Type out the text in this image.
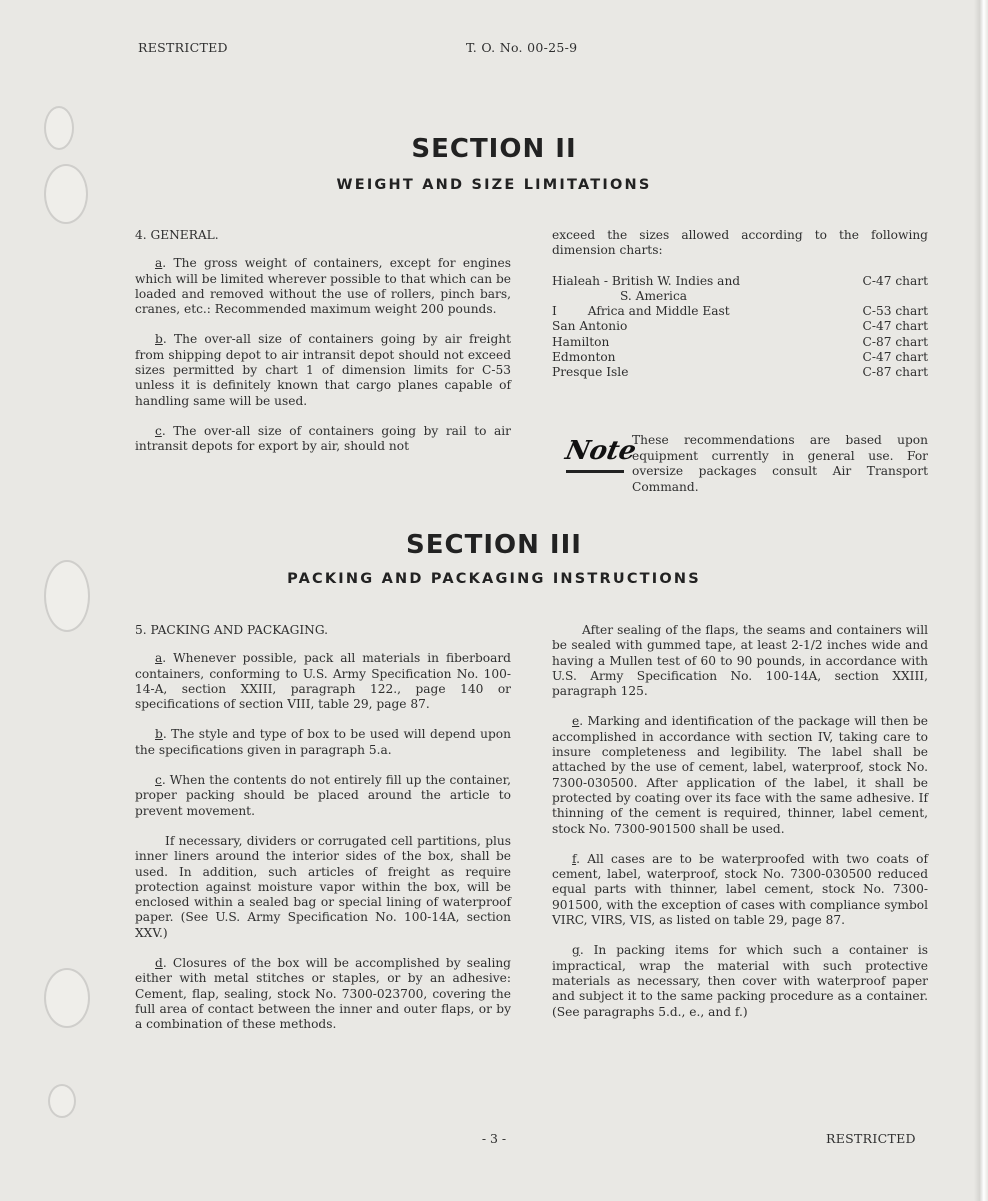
RESTRICTED	T. O. No. 00-25-9
SECTION II
WEIGHT AND SIZE LIMITATIONS

4. GENERAL.

a. The gross weight of containers, except for engines which will be limited wherever possible to that which can be loaded and removed without the use of rollers, pinch bars, cranes, etc.: Recommended maximum weight 200 pounds.

b. The over-all size of containers going by air freight from shipping depot to air intransit depot should not exceed sizes permitted by chart 1 of dimension limits for C-53 unless it is definitely known that cargo planes capable of handling same will be used.

c. The over-all size of containers going by rail to air intransit depots for export by air, should not

exceed the sizes allowed according to the following dimension charts:

Hialeah - British W. Indies and	C-47 chart
S. America	
I        Africa and Middle East	C-53 chart
San Antonio	C-47 chart
Hamilton	C-87 chart
Edmonton	C-47 chart
Presque Isle	C-87 chart
Note
These recommendations are based upon equipment currently in general use. For oversize packages consult Air Transport Command.
SECTION III
PACKING AND PACKAGING INSTRUCTIONS

5. PACKING AND PACKAGING.

a. Whenever possible, pack all materials in fiberboard containers, conforming to U.S. Army Specification No. 100-14-A, section XXIII, paragraph 122., page 140 or specifications of section VIII, table 29, page 87.

b. The style and type of box to be used will depend upon the specifications given in paragraph 5.a.

c. When the contents do not entirely fill up the container, proper packing should be placed around the article to prevent movement.

If necessary, dividers or corrugated cell partitions, plus inner liners around the interior sides of the box, shall be used. In addition, such articles of freight as require protection against moisture vapor within the box, will be enclosed within a sealed bag or special lining of waterproof paper. (See U.S. Army Specification No. 100-14A, section XXV.)

d. Closures of the box will be accomplished by sealing either with metal stitches or staples, or by an adhesive: Cement, flap, sealing, stock No. 7300-023700, covering the full area of contact between the inner and outer flaps, or by a combination of these methods.

After sealing of the flaps, the seams and containers will be sealed with gummed tape, at least 2-1/2 inches wide and having a Mullen test of 60 to 90 pounds, in accordance with U.S. Army Specification No. 100-14A, section XXIII, paragraph 125.

e. Marking and identification of the package will then be accomplished in accordance with section IV, taking care to insure completeness and legibility. The label shall be attached by the use of cement, label, waterproof, stock No. 7300-030500. After application of the label, it shall be protected by coating over its face with the same adhesive. If thinning of the cement is required, thinner, label cement, stock No. 7300-901500 shall be used.

f. All cases are to be waterproofed with two coats of cement, label, waterproof, stock No. 7300-030500 reduced equal parts with thinner, label cement, stock No. 7300-901500, with the exception of cases with compliance symbol VIRC, VIRS, VIS, as listed on table 29, page 87.

g. In packing items for which such a container is impractical, wrap the material with such protective materials as necessary, then cover with waterproof paper and subject it to the same packing procedure as a container. (See paragraphs 5.d., e., and f.)

- 3 -	RESTRICTED
